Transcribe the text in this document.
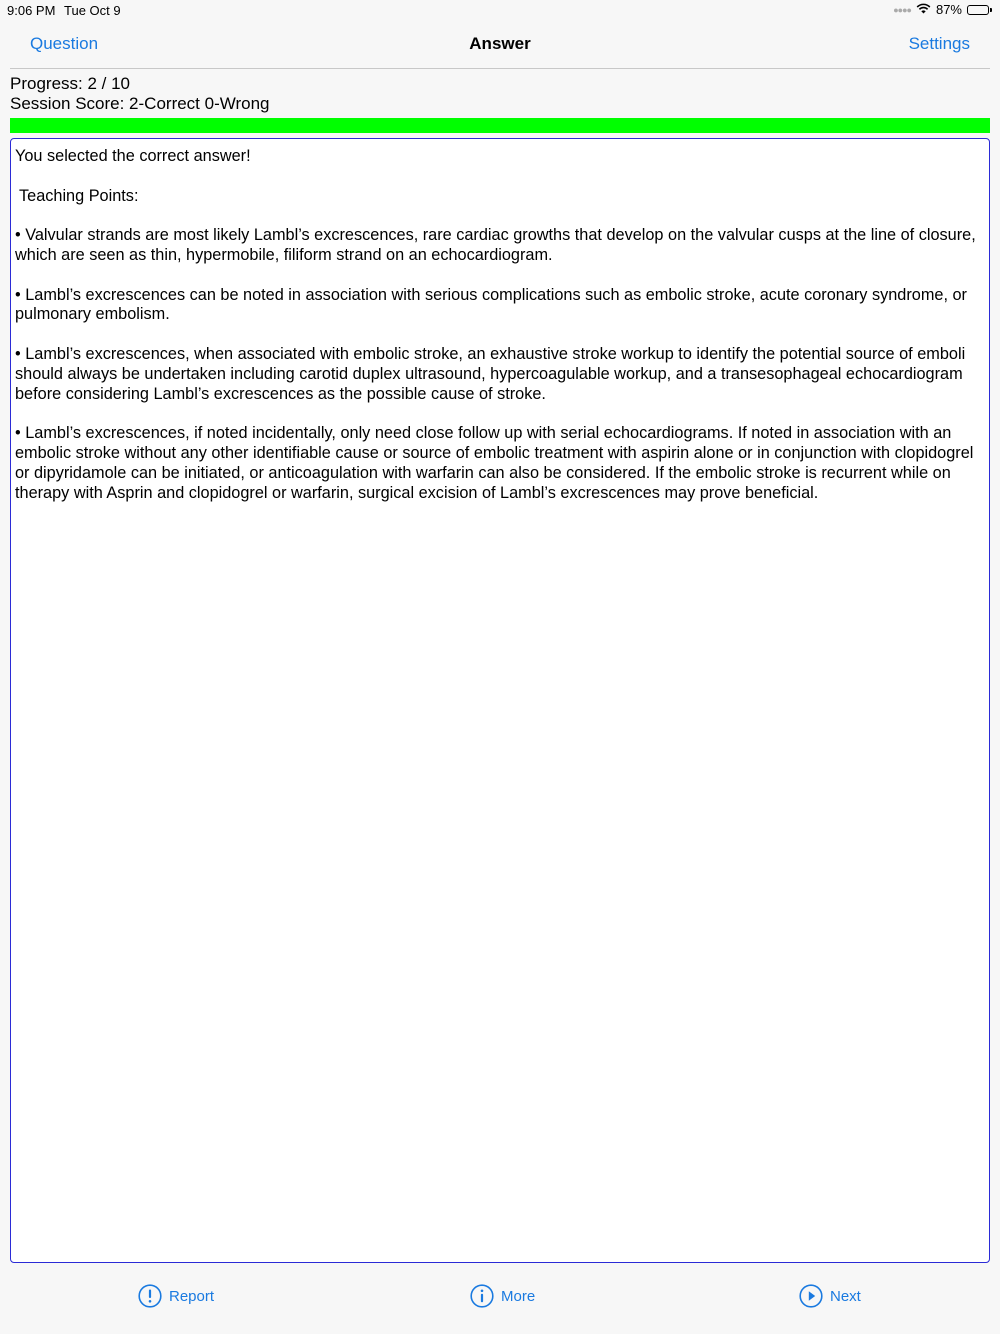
9:06 PM Tue Oct 9	●●●● 87%
Question	Answer	Settings
Progress: 2 / 10
Session Score: 2-Correct 0-Wrong

You selected the correct answer!

Teaching Points:

• Valvular strands are most likely Lambl’s excrescences, rare cardiac growths that develop on the valvular cusps at the line of closure, which are seen as thin, hypermobile, filiform strand on an echocardiogram.

• Lambl’s excrescences can be noted in association with serious complications such as embolic stroke, acute coronary syndrome, or pulmonary embolism.

• Lambl’s excrescences, when associated with embolic stroke, an exhaustive stroke workup to identify the potential source of emboli should always be undertaken including carotid duplex ultrasound, hypercoagulable workup, and a transesophageal echocardiogram before considering Lambl’s excrescences as the possible cause of stroke.

• Lambl’s excrescences, if noted incidentally, only need close follow up with serial echocardiograms. If noted in association with an embolic stroke without any other identifiable cause or source of embolic treatment with aspirin alone or in conjunction with clopidogrel or dipyridamole can be initiated, or anticoagulation with warfarin can also be considered. If the embolic stroke is recurrent while on therapy with Asprin and clopidogrel or warfarin, surgical excision of Lambl’s excrescences may prove beneficial.

Report	More	Next
